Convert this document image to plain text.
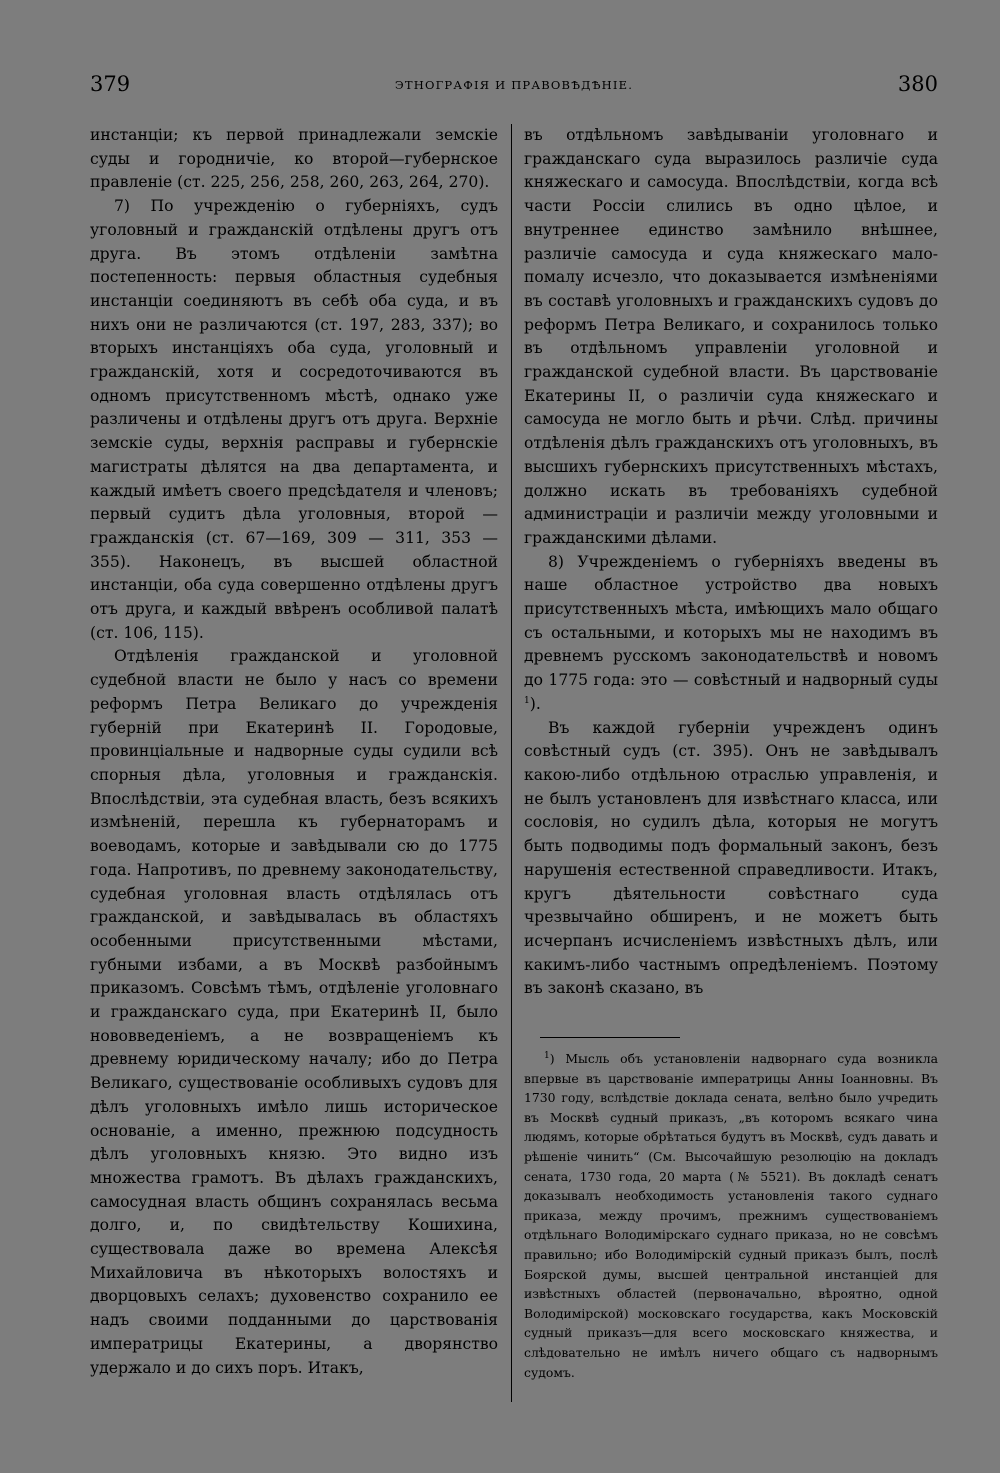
379	ЭТНОГРАФІЯ И ПРАВОВѢДѢНІЕ.	380

инстанціи; къ первой принадлежали земскіе суды и городничіе, ко второй—губернское правленіе (ст. 225, 256, 258, 260, 263, 264, 270).

7) По учрежденію о губерніяхъ, судъ уголовный и гражданскій отдѣлены другъ отъ друга. Въ этомъ отдѣленіи замѣтна постепенность: первыя областныя судебныя инстанціи соединяютъ въ себѣ оба суда, и въ нихъ они не различаются (ст. 197, 283, 337); во вторыхъ инстанціяхъ оба суда, уголовный и гражданскій, хотя и сосредоточиваются въ одномъ присутственномъ мѣстѣ, однако уже различены и отдѣлены другъ отъ друга. Верхніе земскіе суды, верхнія расправы и губернскіе магистраты дѣлятся на два департамента, и каждый имѣетъ своего предсѣдателя и членовъ; первый судитъ дѣла уголовныя, второй — гражданскія (ст. 67—169, 309 — 311, 353 — 355). Наконецъ, въ высшей областной инстанціи, оба суда совершенно отдѣлены другъ отъ друга, и каждый ввѣренъ особливой палатѣ (ст. 106, 115).

Отдѣленія гражданской и уголовной судебной власти не было у насъ со времени реформъ Петра Великаго до учрежденія губерній при Екатеринѣ II. Городовые, провинціальные и надворные суды судили всѣ спорныя дѣла, уголовныя и гражданскія. Впослѣдствіи, эта судебная власть, безъ всякихъ измѣненій, перешла къ губернаторамъ и воеводамъ, которые и завѣдывали сю до 1775 года. Напротивъ, по древнему законодательству, судебная уголовная власть отдѣлялась отъ гражданской, и завѣдывалась въ областяхъ особенными присутственными мѣстами, губными избами, а въ Москвѣ разбойнымъ приказомъ. Совсѣмъ тѣмъ, отдѣленіе уголовнаго и гражданскаго суда, при Екатеринѣ II, было нововведеніемъ, а не возвращеніемъ къ древнему юридическому началу; ибо до Петра Великаго, существованіе особливыхъ судовъ для дѣлъ уголовныхъ имѣло лишь историческое основаніе, а именно, прежнюю подсудность дѣлъ уголовныхъ князю. Это видно изъ множества грамотъ. Въ дѣлахъ гражданскихъ, самосудная власть общинъ сохранялась весьма долго, и, по свидѣтельству Кошихина, существовала даже во времена Алексѣя Михайловича въ нѣкоторыхъ волостяхъ и дворцовыхъ селахъ; духовенство сохранило ее надъ своими подданными до царствованія императрицы Екатерины, а дворянство удержало и до сихъ поръ. Итакъ,

въ отдѣльномъ завѣдываніи уголовнаго и гражданскаго суда выразилось различіе суда княжескаго и самосуда. Впослѣдствіи, когда всѣ части Россіи слились въ одно цѣлое, и внутреннее единство замѣнило внѣшнее, различіе самосуда и суда княжескаго мало-помалу исчезло, что доказывается измѣненіями въ составѣ уголовныхъ и гражданскихъ судовъ до реформъ Петра Великаго, и сохранилось только въ отдѣльномъ управленіи уголовной и гражданской судебной власти. Въ царствованіе Екатерины II, о различіи суда княжескаго и самосуда не могло быть и рѣчи. Слѣд. причины отдѣленія дѣлъ гражданскихъ отъ уголовныхъ, въ высшихъ губернскихъ присутственныхъ мѣстахъ, должно искать въ требованіяхъ судебной администраціи и различіи между уголовными и гражданскими дѣлами.

8) Учрежденіемъ о губерніяхъ введены въ наше областное устройство два новыхъ присутственныхъ мѣста, имѣющихъ мало общаго съ остальными, и которыхъ мы не находимъ въ древнемъ русскомъ законодательствѣ и новомъ до 1775 года: это — совѣстный и надворный суды $^1$).

Въ каждой губерніи учрежденъ одинъ совѣстный судъ (ст. 395). Онъ не завѣдывалъ какою-либо отдѣльною отраслью управленія, и не былъ установленъ для извѣстнаго класса, или сословія, но судилъ дѣла, которыя не могутъ быть подводимы подъ формальный законъ, безъ нарушенія естественной справедливости. Итакъ, кругъ дѣятельности совѣстнаго суда чрезвычайно обширенъ, и не можетъ быть исчерпанъ исчисленіемъ извѣстныхъ дѣлъ, или какимъ-либо частнымъ опредѣленіемъ. Поэтому въ законѣ сказано, въ

$^1$) Мысль объ установленіи надворнаго суда возникла впервые въ царствованіе императрицы Анны Іоанновны. Въ 1730 году, вслѣдствіе доклада сената, велѣно было учредить въ Москвѣ судный приказъ, „въ которомъ всякаго чина людямъ, которые обрѣтаться будутъ въ Москвѣ, судъ давать и рѣшеніе чинить“ (См. Высочайшую резолюцію на докладъ сената, 1730 года, 20 марта (№ 5521). Въ докладѣ сенатъ доказывалъ необходимость установленія такого суднаго приказа, между прочимъ, прежнимъ существованіемъ отдѣльнаго Володимірскаго суднаго приказа, но не совсѣмъ правильно; ибо Володимірскій судный приказъ былъ, послѣ Боярской думы, высшей центральной инстанціей для извѣстныхъ областей (первоначально, вѣроятно, одной Володимірской) московскаго государства, какъ Московскій судный приказъ—для всего московскаго княжества, и слѣдовательно не имѣлъ ничего общаго съ надворнымъ судомъ.
